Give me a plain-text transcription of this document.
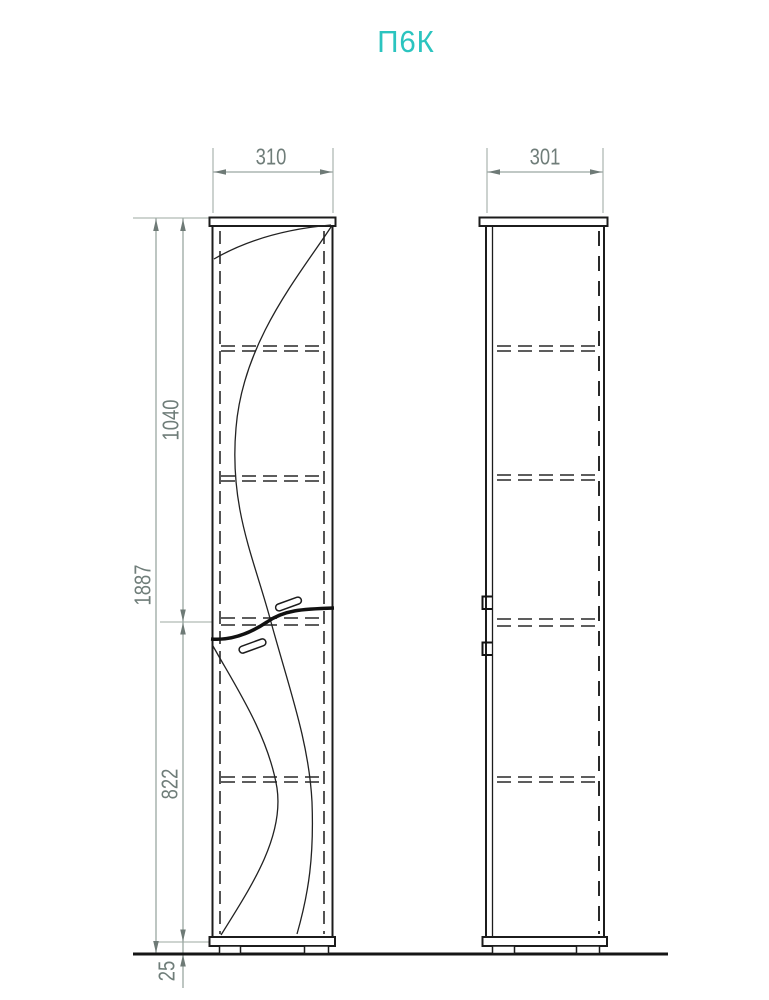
П6К
310	301
1040
1887
822
25
